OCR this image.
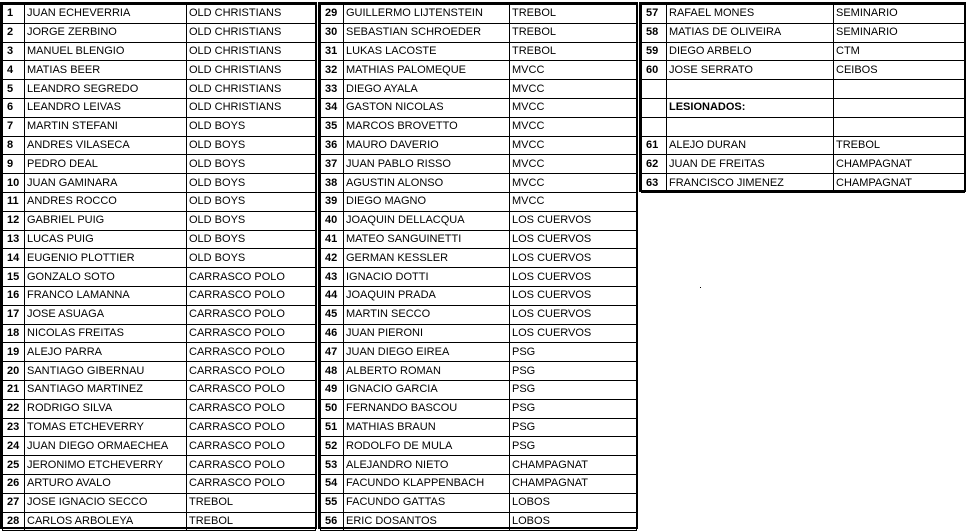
1	JUAN ECHEVERRIA	OLD CHRISTIANS
2	JORGE ZERBINO	OLD CHRISTIANS
3	MANUEL BLENGIO	OLD CHRISTIANS
4	MATIAS BEER	OLD CHRISTIANS
5	LEANDRO SEGREDO	OLD CHRISTIANS
6	LEANDRO LEIVAS	OLD CHRISTIANS
7	MARTIN STEFANI	OLD BOYS
8	ANDRES VILASECA	OLD BOYS
9	PEDRO DEAL	OLD BOYS
10	JUAN GAMINARA	OLD BOYS
11	ANDRES ROCCO	OLD BOYS
12	GABRIEL PUIG	OLD BOYS
13	LUCAS PUIG	OLD BOYS
14	EUGENIO PLOTTIER	OLD BOYS
15	GONZALO SOTO	CARRASCO POLO
16	FRANCO LAMANNA	CARRASCO POLO
17	JOSE ASUAGA	CARRASCO POLO
18	NICOLAS FREITAS	CARRASCO POLO
19	ALEJO PARRA	CARRASCO POLO
20	SANTIAGO GIBERNAU	CARRASCO POLO
21	SANTIAGO MARTINEZ	CARRASCO POLO
22	RODRIGO SILVA	CARRASCO POLO
23	TOMAS ETCHEVERRY	CARRASCO POLO
24	JUAN DIEGO ORMAECHEA	CARRASCO POLO
25	JERONIMO ETCHEVERRY	CARRASCO POLO
26	ARTURO AVALO	CARRASCO POLO
27	JOSE IGNACIO SECCO	TREBOL
28	CARLOS ARBOLEYA	TREBOL
29	GUILLERMO LIJTENSTEIN	TREBOL
30	SEBASTIAN SCHROEDER	TREBOL
31	LUKAS LACOSTE	TREBOL
32	MATHIAS PALOMEQUE	MVCC
33	DIEGO AYALA	MVCC
34	GASTON NICOLAS	MVCC
35	MARCOS BROVETTO	MVCC
36	MAURO DAVERIO	MVCC
37	JUAN PABLO RISSO	MVCC
38	AGUSTIN ALONSO	MVCC
39	DIEGO MAGNO	MVCC
40	JOAQUIN DELLACQUA	LOS CUERVOS
41	MATEO SANGUINETTI	LOS CUERVOS
42	GERMAN KESSLER	LOS CUERVOS
43	IGNACIO DOTTI	LOS CUERVOS
44	JOAQUIN PRADA	LOS CUERVOS
45	MARTIN SECCO	LOS CUERVOS
46	JUAN PIERONI	LOS CUERVOS
47	JUAN DIEGO EIREA	PSG
48	ALBERTO ROMAN	PSG
49	IGNACIO GARCIA	PSG
50	FERNANDO BASCOU	PSG
51	MATHIAS BRAUN	PSG
52	RODOLFO DE MULA	PSG
53	ALEJANDRO NIETO	CHAMPAGNAT
54	FACUNDO KLAPPENBACH	CHAMPAGNAT
55	FACUNDO GATTAS	LOBOS
56	ERIC DOSANTOS	LOBOS
57	RAFAEL MONES	SEMINARIO
58	MATIAS DE OLIVEIRA	SEMINARIO
59	DIEGO ARBELO	CTM
60	JOSE SERRATO	CEIBOS

	LESIONADOS:	

61	ALEJO DURAN	TREBOL
62	JUAN DE FREITAS	CHAMPAGNAT
63	FRANCISCO JIMENEZ	CHAMPAGNAT
